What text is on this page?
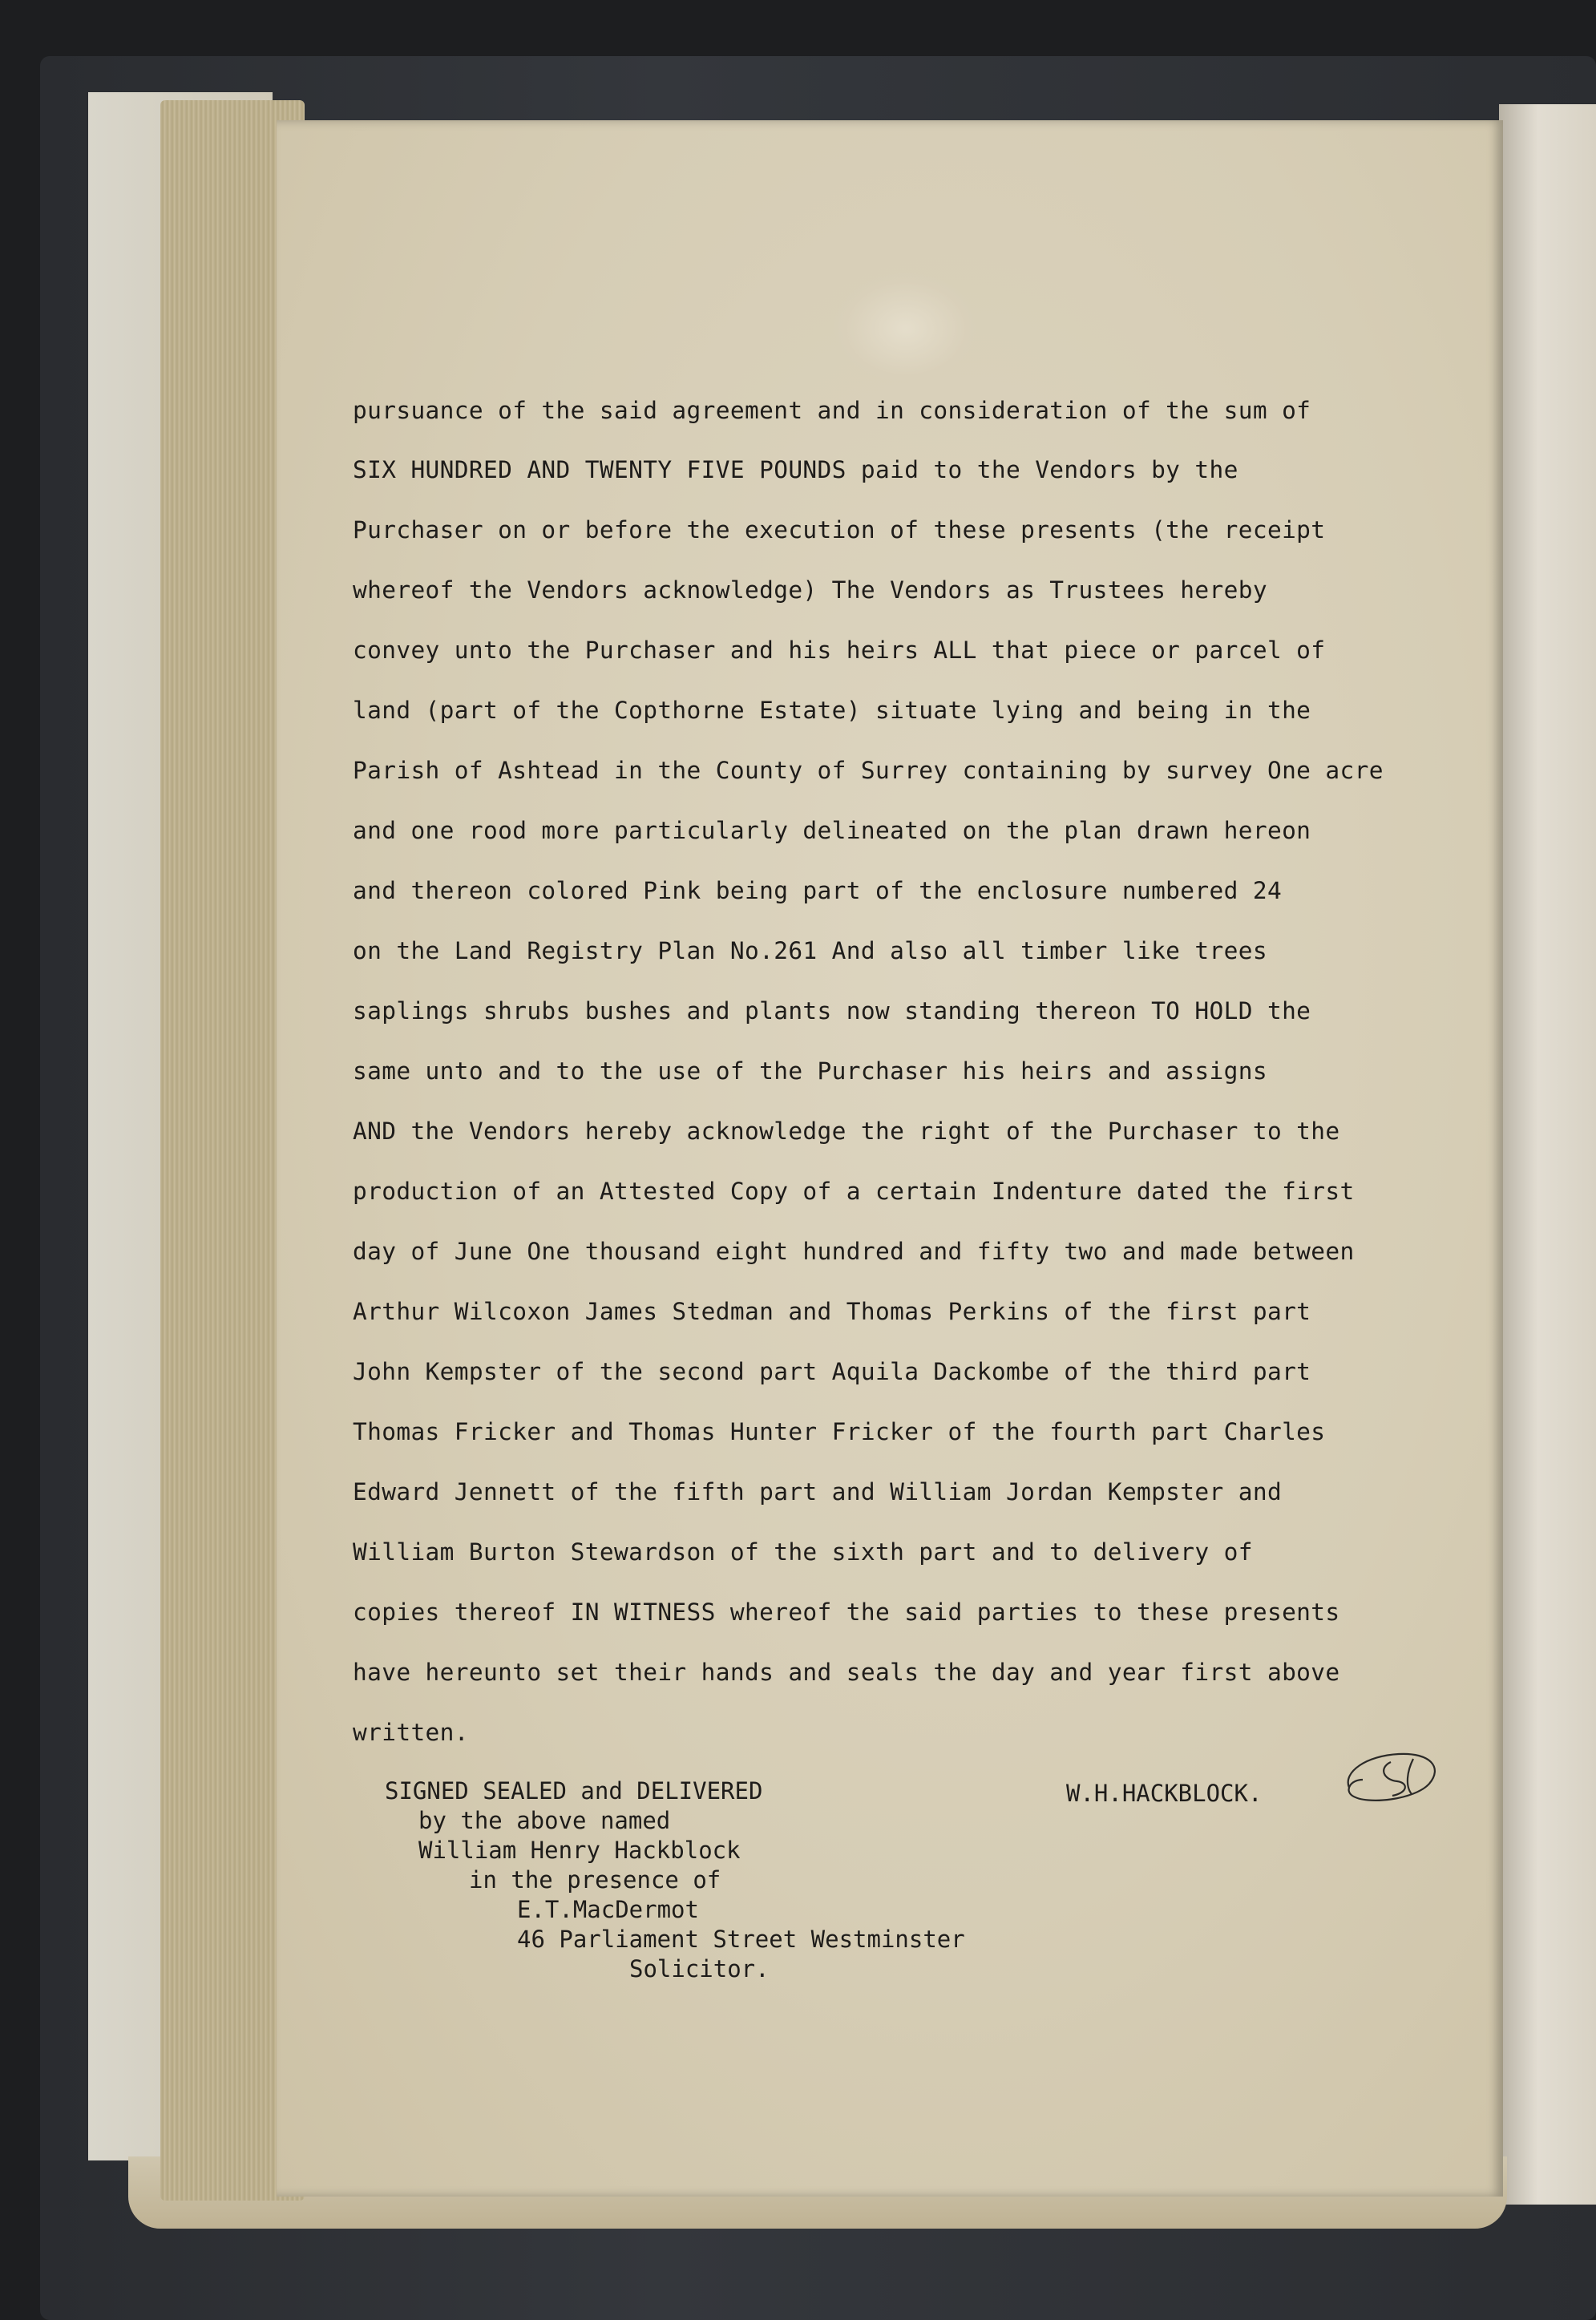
pursuance of the said agreement and in consideration of the sum of
SIX HUNDRED AND TWENTY FIVE POUNDS paid to the Vendors by the
Purchaser on or before the execution of these presents (the receipt
whereof the Vendors acknowledge) The Vendors as Trustees hereby
convey unto the Purchaser and his heirs ALL that piece or parcel of
land (part of the Copthorne Estate) situate lying and being in the
Parish of Ashtead in the County of Surrey containing by survey One acre
and one rood more particularly delineated on the plan drawn hereon
and thereon colored Pink being part of the enclosure numbered 24
on the Land Registry Plan No.261 And also all timber like trees
saplings shrubs bushes and plants now standing thereon TO HOLD the
same unto and to the use of the Purchaser his heirs and assigns
AND the Vendors hereby acknowledge the right of the Purchaser to the
production of an Attested Copy of a certain Indenture dated the first
day of June One thousand eight hundred and fifty two and made between
Arthur Wilcoxon James Stedman and Thomas Perkins of the first part
John Kempster of the second part Aquila Dackombe of the third part
Thomas Fricker and Thomas Hunter Fricker of the fourth part Charles
Edward Jennett of the fifth part and William Jordan Kempster and
William Burton Stewardson of the sixth part and to delivery of
copies thereof IN WITNESS whereof the said parties to these presents
have hereunto set their hands and seals the day and year first above
written.
SIGNED SEALED and DELIVERED
by the above named
William Henry Hackblock
in the presence of
E.T.MacDermot
46 Parliament Street Westminster
Solicitor.
W.H.HACKBLOCK.
